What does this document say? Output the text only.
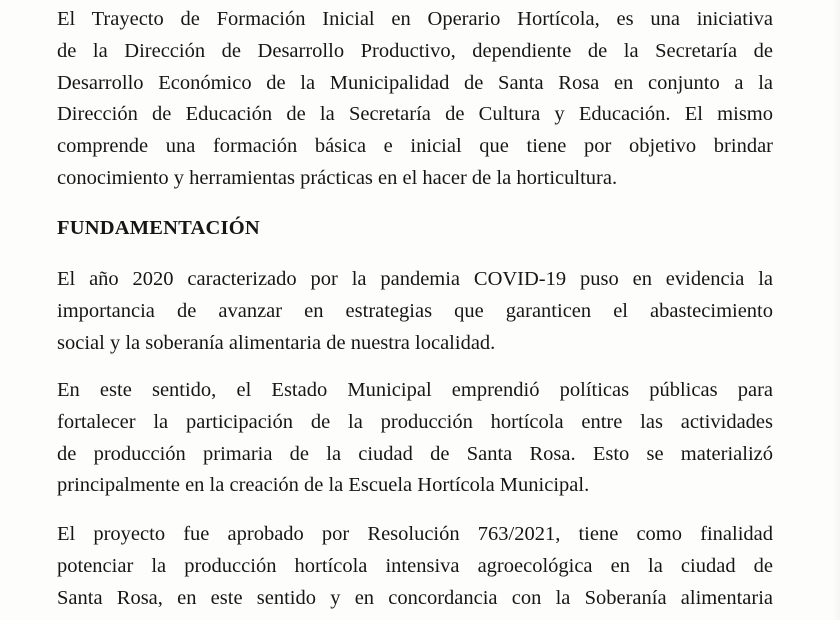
El Trayecto de Formación Inicial en Operario Hortícola, es una iniciativa
de la Dirección de Desarrollo Productivo, dependiente de la Secretaría de
Desarrollo Económico de la Municipalidad de Santa Rosa en conjunto a la
Dirección de Educación de la Secretaría de Cultura y Educación. El mismo
comprende una formación básica e inicial que tiene por objetivo brindar
conocimiento y herramientas prácticas en el hacer de la horticultura.

FUNDAMENTACIÓN

El año 2020 caracterizado por la pandemia COVID-19 puso en evidencia la
importancia de avanzar en estrategias que garanticen el abastecimiento
social y la soberanía alimentaria de nuestra localidad.

En este sentido, el Estado Municipal emprendió políticas públicas para
fortalecer la participación de la producción hortícola entre las actividades
de producción primaria de la ciudad de Santa Rosa. Esto se materializó
principalmente en la creación de la Escuela Hortícola Municipal.

El proyecto fue aprobado por Resolución 763/2021, tiene como finalidad
potenciar la producción hortícola intensiva agroecológica en la ciudad de
Santa Rosa, en este sentido y en concordancia con la Soberanía alimentaria
